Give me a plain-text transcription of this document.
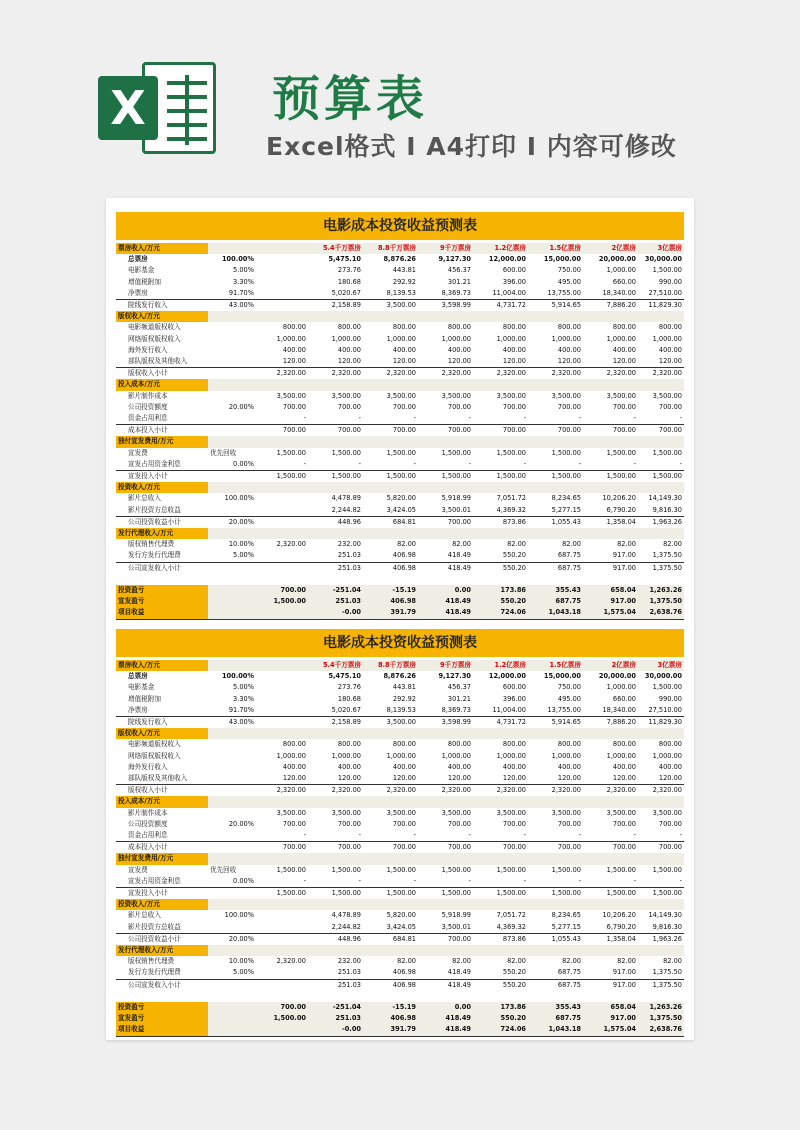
X	预算表
Excel格式 I A4打印 I 内容可修改
电影成本投资收益预测表
票房收入/万元			5.4千万票房	8.8千万票房	9千万票房	1.2亿票房	1.5亿票房	2亿票房	3亿票房
总票房	100.00%		5,475.10	8,876.26	9,127.30	12,000.00	15,000.00	20,000.00	30,000.00
电影基金	5.00%		273.76	443.81	456.37	600.00	750.00	1,000.00	1,500.00
增值税附加	3.30%		180.68	292.92	301.21	396.00	495.00	660.00	990.00
净票房	91.70%		5,020.67	8,139.53	8,369.73	11,004.00	13,755.00	18,340.00	27,510.00
院线发行收入	43.00%		2,158.89	3,500.00	3,598.99	4,731.72	5,914.65	7,886.20	11,829.30
版权收入/万元									
电影频道版权收入		800.00	800.00	800.00	800.00	800.00	800.00	800.00	800.00
网络版权版权收入		1,000.00	1,000.00	1,000.00	1,000.00	1,000.00	1,000.00	1,000.00	1,000.00
海外发行收入		400.00	400.00	400.00	400.00	400.00	400.00	400.00	400.00
部队版权及其他收入		120.00	120.00	120.00	120.00	120.00	120.00	120.00	120.00
版权收入小计		2,320.00	2,320.00	2,320.00	2,320.00	2,320.00	2,320.00	2,320.00	2,320.00
投入成本/万元									
影片制作成本		3,500.00	3,500.00	3,500.00	3,500.00	3,500.00	3,500.00	3,500.00	3,500.00
公司投资额度	20.00%	700.00	700.00	700.00	700.00	700.00	700.00	700.00	700.00
资金占用利息		-	-	-	-	-	-	-	-
成本投入小计		700.00	700.00	700.00	700.00	700.00	700.00	700.00	700.00
独付宣发费用/万元									
宣发费	优先回收	1,500.00	1,500.00	1,500.00	1,500.00	1,500.00	1,500.00	1,500.00	1,500.00
宣发占用资金利息	0.00%	-	-	-	-	-	-	-	-
宣发投入小计		1,500.00	1,500.00	1,500.00	1,500.00	1,500.00	1,500.00	1,500.00	1,500.00
投资收入/万元									
影片总收入	100.00%		4,478.89	5,820.00	5,918.99	7,051.72	8,234.65	10,206.20	14,149.30
影片投资方总收益			2,244.82	3,424.05	3,500.01	4,369.32	5,277.15	6,790.20	9,816.30
公司投资收益小计	20.00%		448.96	684.81	700.00	873.86	1,055.43	1,358.04	1,963.26
发行代理收入/万元									
版权销售代理费	10.00%	2,320.00	232.00	82.00	82.00	82.00	82.00	82.00	82.00
发行方发行代理费	5.00%		251.03	406.98	418.49	550.20	687.75	917.00	1,375.50
公司宣发收入小计			251.03	406.98	418.49	550.20	687.75	917.00	1,375.50

投资盈亏		700.00	-251.04	-15.19	0.00	173.86	355.43	658.04	1,263.26
宣发盈亏		1,500.00	251.03	406.98	418.49	550.20	687.75	917.00	1,375.50
项目收益			-0.00	391.79	418.49	724.06	1,043.18	1,575.04	2,638.76
电影成本投资收益预测表
票房收入/万元			5.4千万票房	8.8千万票房	9千万票房	1.2亿票房	1.5亿票房	2亿票房	3亿票房
总票房	100.00%		5,475.10	8,876.26	9,127.30	12,000.00	15,000.00	20,000.00	30,000.00
电影基金	5.00%		273.76	443.81	456.37	600.00	750.00	1,000.00	1,500.00
增值税附加	3.30%		180.68	292.92	301.21	396.00	495.00	660.00	990.00
净票房	91.70%		5,020.67	8,139.53	8,369.73	11,004.00	13,755.00	18,340.00	27,510.00
院线发行收入	43.00%		2,158.89	3,500.00	3,598.99	4,731.72	5,914.65	7,886.20	11,829.30
版权收入/万元									
电影频道版权收入		800.00	800.00	800.00	800.00	800.00	800.00	800.00	800.00
网络版权版权收入		1,000.00	1,000.00	1,000.00	1,000.00	1,000.00	1,000.00	1,000.00	1,000.00
海外发行收入		400.00	400.00	400.00	400.00	400.00	400.00	400.00	400.00
部队版权及其他收入		120.00	120.00	120.00	120.00	120.00	120.00	120.00	120.00
版权收入小计		2,320.00	2,320.00	2,320.00	2,320.00	2,320.00	2,320.00	2,320.00	2,320.00
投入成本/万元									
影片制作成本		3,500.00	3,500.00	3,500.00	3,500.00	3,500.00	3,500.00	3,500.00	3,500.00
公司投资额度	20.00%	700.00	700.00	700.00	700.00	700.00	700.00	700.00	700.00
资金占用利息		-	-	-	-	-	-	-	-
成本投入小计		700.00	700.00	700.00	700.00	700.00	700.00	700.00	700.00
独付宣发费用/万元									
宣发费	优先回收	1,500.00	1,500.00	1,500.00	1,500.00	1,500.00	1,500.00	1,500.00	1,500.00
宣发占用资金利息	0.00%	-	-	-	-	-	-	-	-
宣发投入小计		1,500.00	1,500.00	1,500.00	1,500.00	1,500.00	1,500.00	1,500.00	1,500.00
投资收入/万元									
影片总收入	100.00%		4,478.89	5,820.00	5,918.99	7,051.72	8,234.65	10,206.20	14,149.30
影片投资方总收益			2,244.82	3,424.05	3,500.01	4,369.32	5,277.15	6,790.20	9,816.30
公司投资收益小计	20.00%		448.96	684.81	700.00	873.86	1,055.43	1,358.04	1,963.26
发行代理收入/万元									
版权销售代理费	10.00%	2,320.00	232.00	82.00	82.00	82.00	82.00	82.00	82.00
发行方发行代理费	5.00%		251.03	406.98	418.49	550.20	687.75	917.00	1,375.50
公司宣发收入小计			251.03	406.98	418.49	550.20	687.75	917.00	1,375.50

投资盈亏		700.00	-251.04	-15.19	0.00	173.86	355.43	658.04	1,263.26
宣发盈亏		1,500.00	251.03	406.98	418.49	550.20	687.75	917.00	1,375.50
项目收益			-0.00	391.79	418.49	724.06	1,043.18	1,575.04	2,638.76
